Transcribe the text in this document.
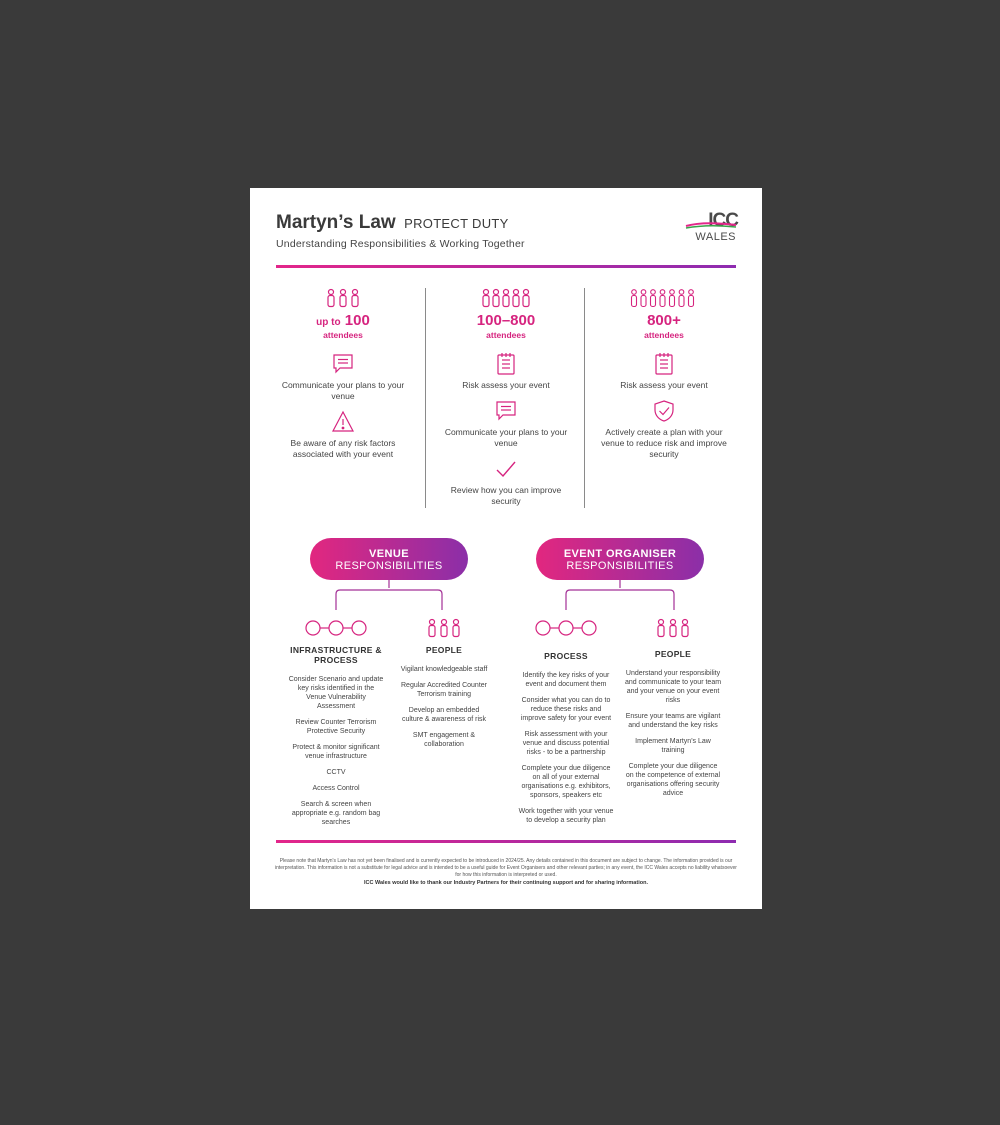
Martyn’s Law PROTECT DUTY
Understanding Responsibilities & Working Together
ICC
WALES
up to 100
attendees
Communicate your plans to your venue
Be aware of any risk factors associated with your event
100–800
attendees
Risk assess your event
Communicate your plans to your venue
Review how you can improve security
800+
attendees
Risk assess your event
Actively create a plan with your venue to reduce risk and improve security
VENUE
RESPONSIBILITIES
INFRASTRUCTURE & PROCESS
Consider Scenario and update key risks identified in the Venue Vulnerability Assessment
Review Counter Terrorism Protective Security
Protect & monitor significant venue infrastructure
CCTV
Access Control
Search & screen when appropriate e.g. random bag searches
PEOPLE
Vigilant knowledgeable staff
Regular Accredited Counter Terrorism training
Develop an embedded culture & awareness of risk
SMT engagement & collaboration
EVENT ORGANISER
RESPONSIBILITIES
PROCESS
Identify the key risks of your event and document them
Consider what you can do to reduce these risks and improve safety for your event
Risk assessment with your venue and discuss potential risks - to be a partnership
Complete your due diligence on all of your external organisations e.g. exhibitors, sponsors, speakers etc
Work together with your venue to develop a security plan
PEOPLE
Understand your responsibility and communicate to your team and your venue on your event risks
Ensure your teams are vigilant and understand the key risks
Implement Martyn's Law training
Complete your due diligence on the competence of external organisations offering security advice
Please note that Martyn's Law has not yet been finalised and is currently expected to be introduced in 2024/25. Any details contained in this document are subject to change. The information provided is our interpretation. This information is not a substitute for legal advice and is intended to be a useful guide for Event Organisers and other relevant parties; in any event, the ICC Wales accepts no liability whatsoever for how this information is interpreted or used.
ICC Wales would like to thank our Industry Partners for their continuing support and for sharing information.
